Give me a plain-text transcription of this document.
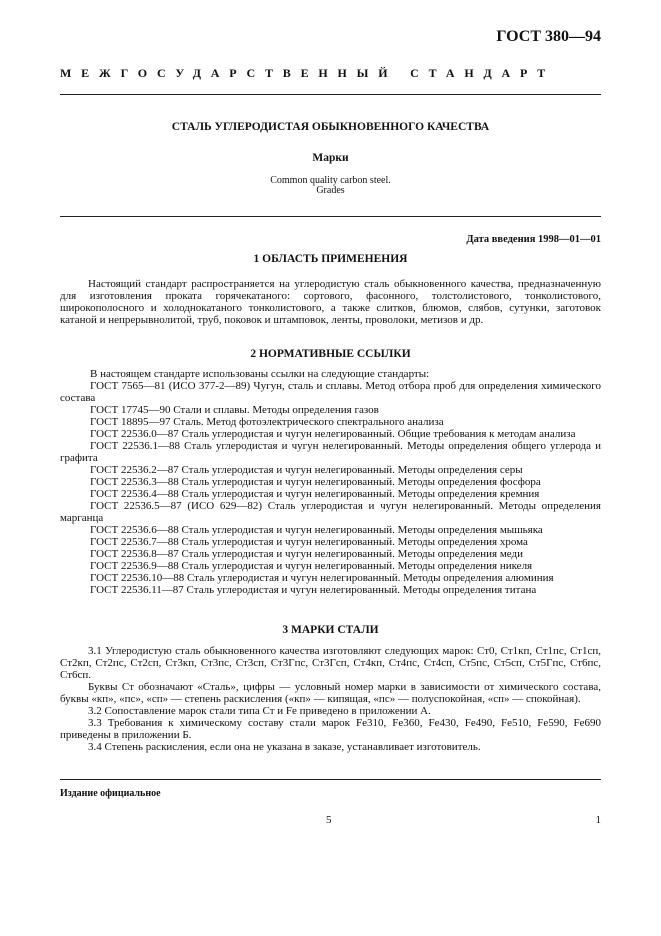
ГОСТ 380—94
МЕЖГОСУДАРСТВЕННЫЙ СТАНДАРТ
СТАЛЬ УГЛЕРОДИСТАЯ ОБЫКНОВЕННОГО КАЧЕСТВА
Марки
Common quality carbon steel.
Grades
Дата введения 1998—01—01
1 ОБЛАСТЬ ПРИМЕНЕНИЯ

Настоящий стандарт распространяется на углеродистую сталь обыкновенного качества, предназначенную для изготовления проката горячекатаного: сортового, фасонного, толстолистового, тонколистового, широкополосного и холоднокатаного тонколистового, а также слитков, блюмов, слябов, сутунки, заготовок катаной и непрерывнолитой, труб, поковок и штамповок, ленты, проволоки, метизов и др.

2 НОРМАТИВНЫЕ ССЫЛКИ

В настоящем стандарте использованы ссылки на следующие стандарты:

ГОСТ 7565—81 (ИСО 377-2—89) Чугун, сталь и сплавы. Метод отбора проб для определения химического состава

ГОСТ 17745—90 Стали и сплавы. Методы определения газов

ГОСТ 18895—97 Сталь. Метод фотоэлектрического спектрального анализа

ГОСТ 22536.0—87 Сталь углеродистая и чугун нелегированный. Общие требования к методам анализа

ГОСТ 22536.1—88 Сталь углеродистая и чугун нелегированный. Методы определения общего углерода и графита

ГОСТ 22536.2—87 Сталь углеродистая и чугун нелегированный. Методы определения серы

ГОСТ 22536.3—88 Сталь углеродистая и чугун нелегированный. Методы определения фосфора

ГОСТ 22536.4—88 Сталь углеродистая и чугун нелегированный. Методы определения кремния

ГОСТ 22536.5—87 (ИСО 629—82) Сталь углеродистая и чугун нелегированный. Методы определения марганца

ГОСТ 22536.6—88 Сталь углеродистая и чугун нелегированный. Методы определения мышьяка

ГОСТ 22536.7—88 Сталь углеродистая и чугун нелегированный. Методы определения хрома

ГОСТ 22536.8—87 Сталь углеродистая и чугун нелегированный. Методы определения меди

ГОСТ 22536.9—88 Сталь углеродистая и чугун нелегированный. Методы определения никеля

ГОСТ 22536.10—88 Сталь углеродистая и чугун нелегированный. Методы определения алюминия

ГОСТ 22536.11—87 Сталь углеродистая и чугун нелегированный. Методы определения титана

3 МАРКИ СТАЛИ

3.1 Углеродистую сталь обыкновенного качества изготовляют следующих марок: Ст0, Ст1кп, Ст1пс, Ст1сп, Ст2кп, Ст2пс, Ст2сп, Ст3кп, Ст3пс, Ст3сп, Ст3Гпс, Ст3Гсп, Ст4кп, Ст4пс, Ст4сп, Ст5пс, Ст5сп, Ст5Гпс, Ст6пс, Ст6сп.

Буквы Ст обозначают «Сталь», цифры — условный номер марки в зависимости от химического состава, буквы «кп», «пс», «сп» — степень раскисления («кп» — кипящая, «пс» — полуспокойная, «сп» — спокойная).

3.2 Сопоставление марок стали типа Ст и Fe приведено в приложении А.

3.3 Требования к химическому составу стали марок Fe310, Fe360, Fe430, Fe490, Fe510, Fe590, Fe690 приведены в приложении Б.

3.4 Степень раскисления, если она не указана в заказе, устанавливает изготовитель.

Издание официальное
5	1
